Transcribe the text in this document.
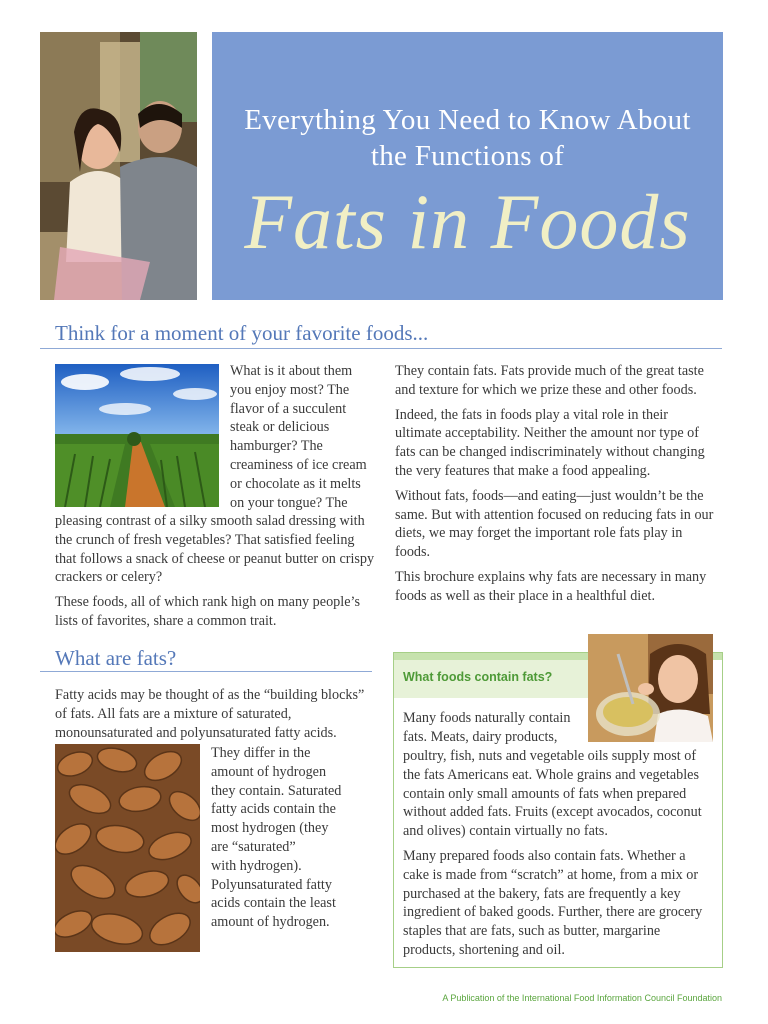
Everything You Need to Know About
the Functions of
Fats in Foods
Think for a moment of your favorite foods...
What is it about them
you enjoy most? The
flavor of a succulent
steak or delicious
hamburger? The
creaminess of ice cream
or chocolate as it melts
on your tongue? The

pleasing contrast of a silky smooth salad dressing with the crunch of fresh vegetables? That satisfied feeling that follows a snack of cheese or peanut butter on crispy crackers or celery?

These foods, all of which rank high on many people’s lists of favorites, share a common trait.

They contain fats. Fats provide much of the great taste and texture for which we prize these and other foods.

Indeed, the fats in foods play a vital role in their ultimate acceptability. Neither the amount nor type of fats can be changed indiscriminately without changing the very features that make a food appealing.

Without fats, foods—and eating—just wouldn’t be the same. But with attention focused on reducing fats in our diets, we may forget the important role fats play in foods.

This brochure explains why fats are necessary in many foods as well as their place in a healthful diet.

What are fats?
Fatty acids may be thought of as the “building blocks” of fats. All fats are a mixture of saturated, monounsaturated and polyunsaturated fatty acids.
They differ in the
amount of hydrogen
they contain. Saturated
fatty acids contain the
most hydrogen (they
are “saturated”
with hydrogen).
Polyunsaturated fatty
acids contain the least
amount of hydrogen.
What foods contain fats?
Many foods naturally contain
fats. Meats, dairy products,

poultry, fish, nuts and vegetable oils supply most of the fats Americans eat. Whole grains and vegetables contain only small amounts of fats when prepared without added fats. Fruits (except avocados, coconut and olives) contain virtually no fats.

Many prepared foods also contain fats. Whether a cake is made from “scratch” at home, from a mix or purchased at the bakery, fats are frequently a key ingredient of baked goods. Further, there are grocery staples that are fats, such as butter, margarine products, shortening and oil.

A Publication of the International Food Information Council Foundation
